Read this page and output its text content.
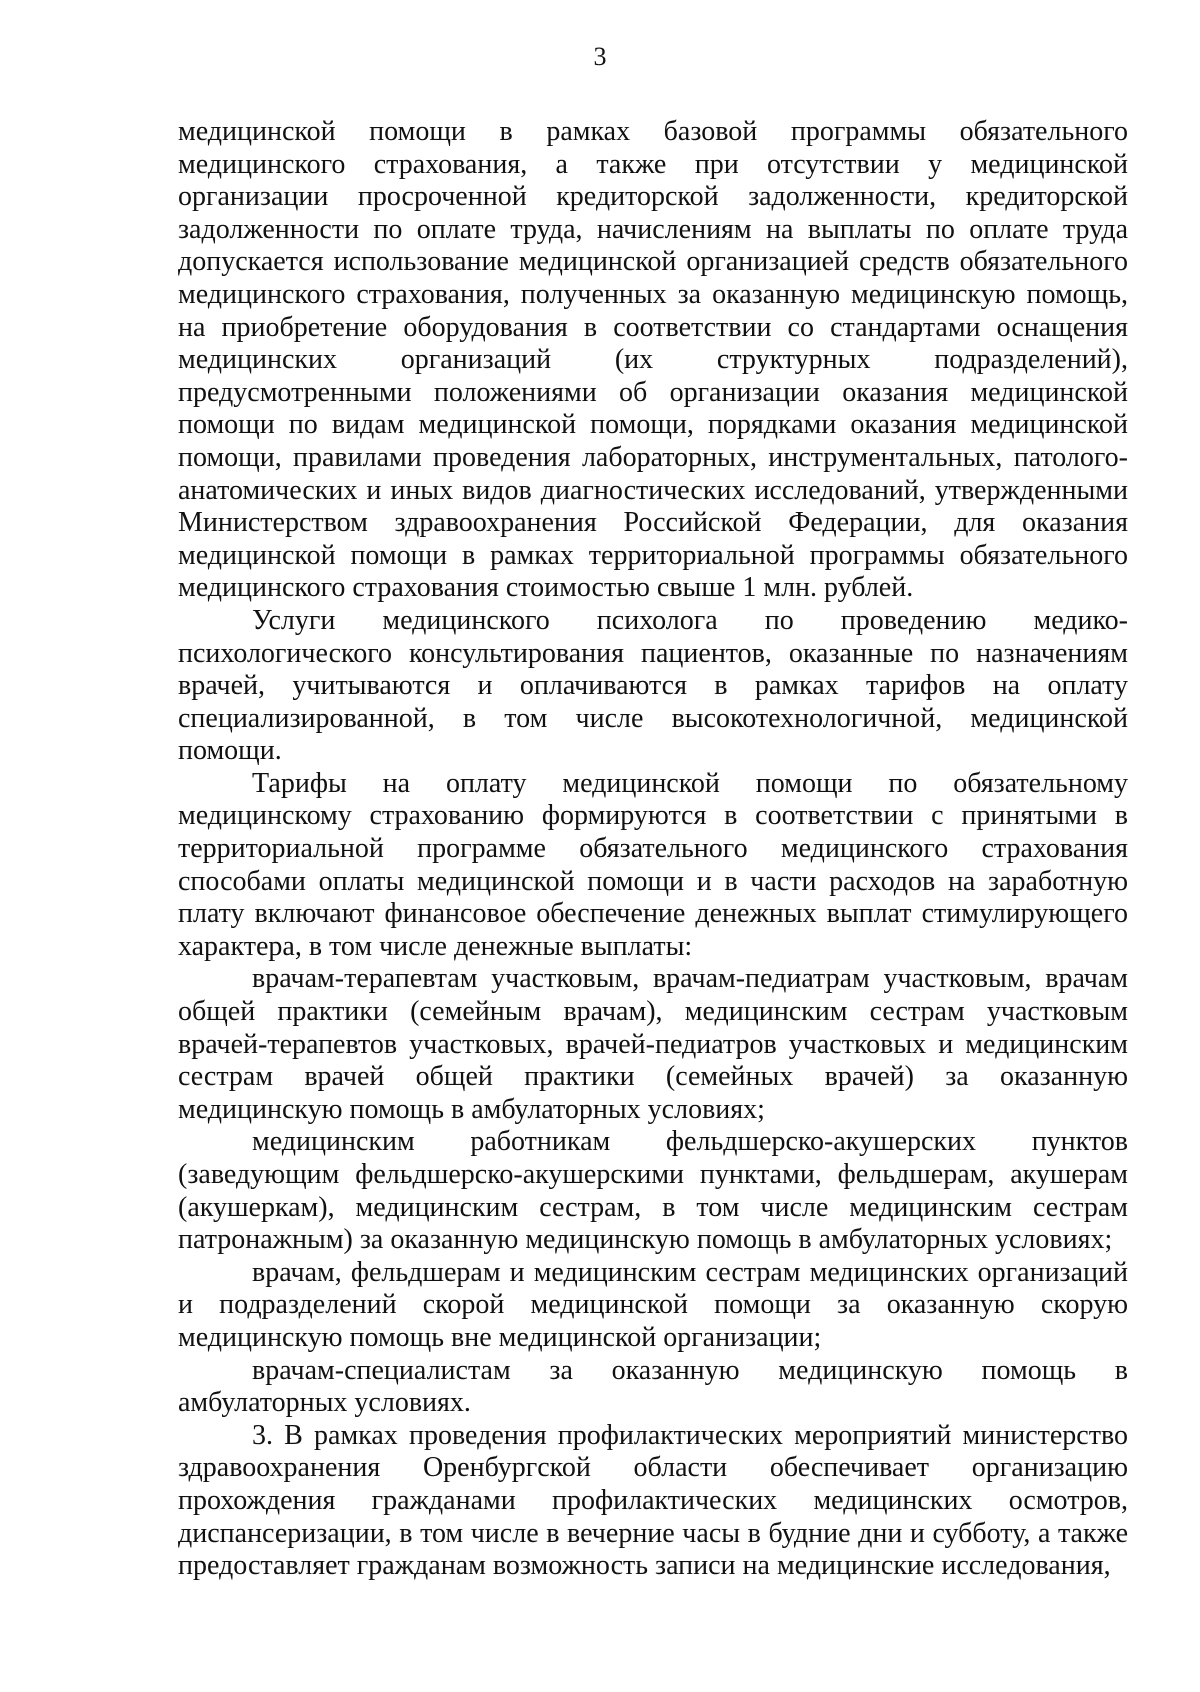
3

медицинской помощи в рамках базовой программы обязательного медицинского страхования, а также при отсутствии у медицинской организации просроченной кредиторской задолженности, кредиторской задолженности по оплате труда, начислениям на выплаты по оплате труда допускается использование медицинской организацией средств обязательного медицинского страхования, полученных за оказанную медицинскую помощь, на приобретение оборудования в соответствии со стандартами оснащения медицинских организаций (их структурных подразделений), предусмотренными положениями об организации оказания медицинской помощи по видам медицинской помощи, порядками оказания медицинской помощи, правилами проведения лабораторных, инструментальных, патолого-анатомических и иных видов диагностических исследований, утвержденными Министерством здравоохранения Российской Федерации, для оказания медицинской помощи в рамках территориальной программы обязательного медицинского страхования стоимостью свыше 1 млн. рублей.

Услуги медицинского психолога по проведению медико-психологического консультирования пациентов, оказанные по назначениям врачей, учитываются и оплачиваются в рамках тарифов на оплату специализированной, в том числе высокотехнологичной, медицинской помощи.

Тарифы на оплату медицинской помощи по обязательному медицинскому страхованию формируются в соответствии с принятыми в территориальной программе обязательного медицинского страхования способами оплаты медицинской помощи и в части расходов на заработную плату включают финансовое обеспечение денежных выплат стимулирующего характера, в том числе денежные выплаты:

врачам-терапевтам участковым, врачам-педиатрам участковым, врачам общей практики (семейным врачам), медицинским сестрам участковым врачей-терапевтов участковых, врачей-педиатров участковых и медицинским сестрам врачей общей практики (семейных врачей) за оказанную медицинскую помощь в амбулаторных условиях;

медицинским работникам фельдшерско-акушерских пунктов (заведующим фельдшерско-акушерскими пунктами, фельдшерам, акушерам (акушеркам), медицинским сестрам, в том числе медицинским сестрам патронажным) за оказанную медицинскую помощь в амбулаторных условиях;

врачам, фельдшерам и медицинским сестрам медицинских организаций и подразделений скорой медицинской помощи за оказанную скорую медицинскую помощь вне медицинской организации;

врачам-специалистам за оказанную медицинскую помощь в амбулаторных условиях.

3. В рамках проведения профилактических мероприятий министерство здравоохранения Оренбургской области обеспечивает организацию прохождения гражданами профилактических медицинских осмотров, диспансеризации, в том числе в вечерние часы в будние дни и субботу, а также предоставляет гражданам возможность записи на медицинские исследования,
